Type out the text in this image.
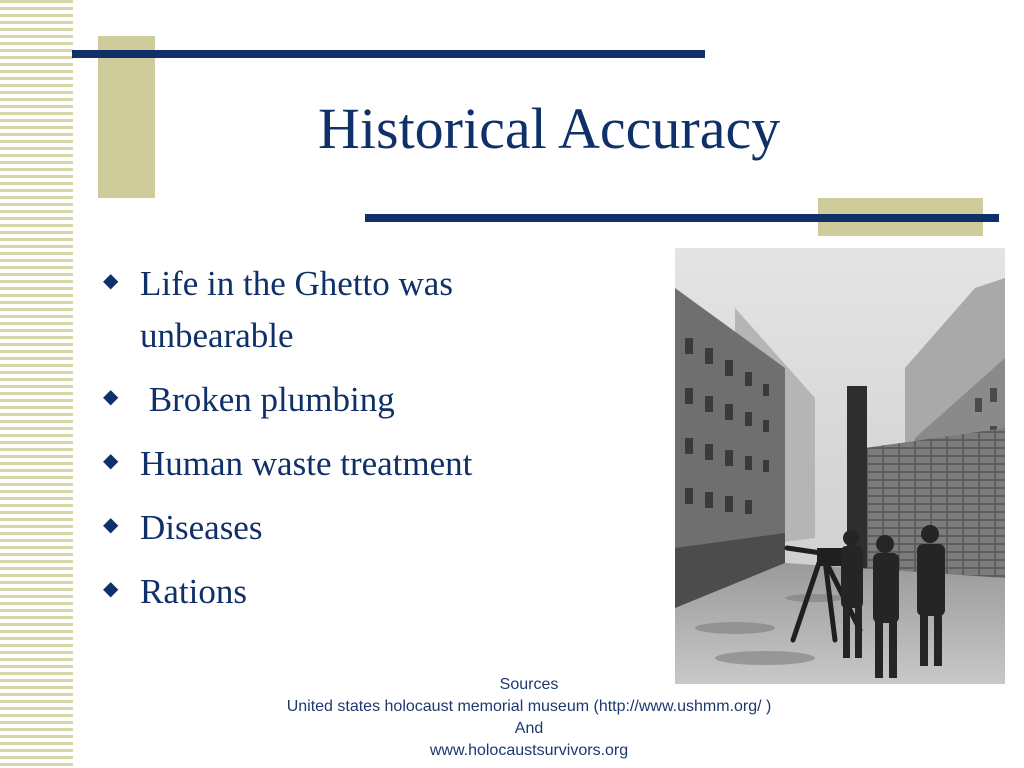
Historical Accuracy
◆ Life in the Ghetto was unbearable
◆ Broken plumbing
◆ Human waste treatment
◆ Diseases
◆ Rations
Sources
United states holocaust memorial museum (http://www.ushmm.org/ )
And
www.holocaustsurvivors.org
